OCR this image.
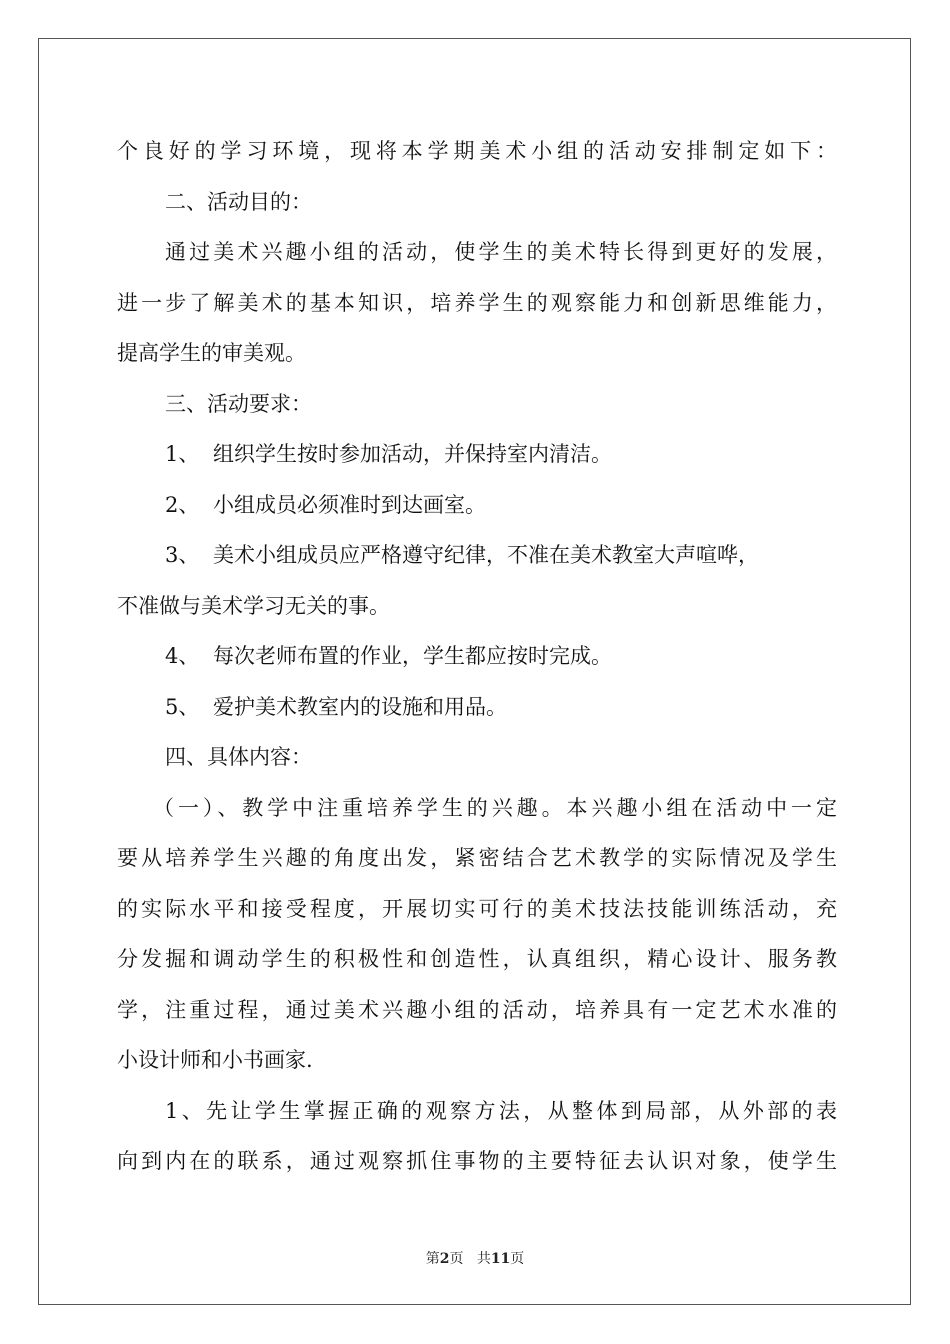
个良好的学习环境，现将本学期美术小组的活动安排制定如下：
二、活动目的：
通过美术兴趣小组的活动，使学生的美术特长得到更好的发展，
进一步了解美术的基本知识，培养学生的观察能力和创新思维能力，
提高学生的审美观。
三、活动要求：
1、 组织学生按时参加活动，并保持室内清洁。
2、 小组成员必须准时到达画室。
3、 美术小组成员应严格遵守纪律，不准在美术教室大声喧哗，
不准做与美术学习无关的事。
4、 每次老师布置的作业，学生都应按时完成。
5、 爱护美术教室内的设施和用品。
四、具体内容：
（一）、教学中注重培养学生的兴趣。本兴趣小组在活动中一定
要从培养学生兴趣的角度出发，紧密结合艺术教学的实际情况及学生
的实际水平和接受程度，开展切实可行的美术技法技能训练活动，充
分发掘和调动学生的积极性和创造性，认真组织，精心设计、服务教
学，注重过程，通过美术兴趣小组的活动，培养具有一定艺术水准的
小设计师和小书画家.
1、先让学生掌握正确的观察方法，从整体到局部，从外部的表
向到内在的联系，通过观察抓住事物的主要特征去认识对象，使学生
第2页 共11页
